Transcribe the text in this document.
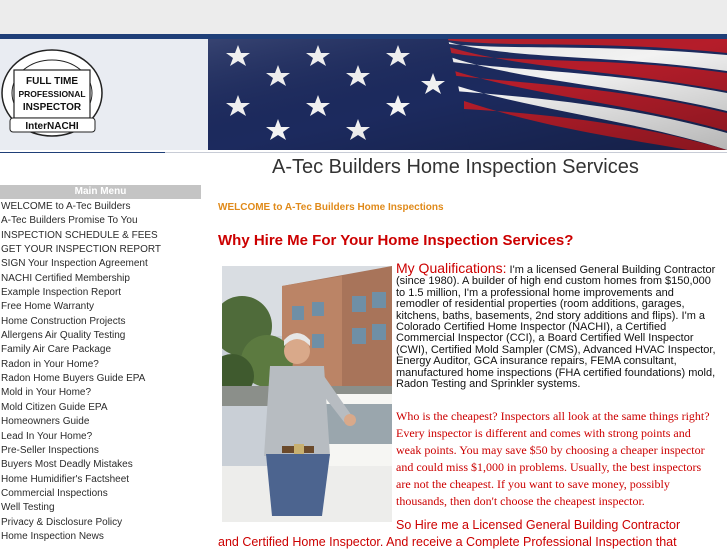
FULL TIME
PROFESSIONAL
INSPECTOR
InterNACHI
A-Tec Builders Home Inspection Services
Main Menu
WELCOME to A-Tec Builders
A-Tec Builders Promise To You
INSPECTION SCHEDULE & FEES
GET YOUR INSPECTION REPORT
SIGN Your Inspection Agreement
NACHI Certified Membership
Example Inspection Report
Free Home Warranty
Home Construction Projects
Allergens Air Quality Testing
Family Air Care Package
Radon in Your Home?
Radon Home Buyers Guide EPA
Mold in Your Home?
Mold Citizen Guide EPA
Homeowners Guide
Lead In Your Home?
Pre-Seller Inspections
Buyers Most Deadly Mistakes
Home Humidifier's Factsheet
Commercial Inspections
Well Testing
Privacy & Disclosure Policy
Home Inspection News
WELCOME to A-Tec Builders Home Inspections
Why Hire Me For Your Home Inspection Services?
My Qualifications: I'm a licensed General Building Contractor (since 1980). A builder of high end custom homes from $150,000 to 1.5 million, I'm a professional home improvements and remodler of residential properties (room additions, garages, kitchens, baths, basements, 2nd story additions and flips). I'm a Colorado Certified Home Inspector (NACHI), a Certified Commercial Inspector (CCI), a Board Certified Well Inspector (CWI), Certified Mold Sampler (CMS), Advanced HVAC Inspector, Energy Auditor, GCA insurance repairs, FEMA consultant, manufactured home inspections (FHA certified foundations) mold, Radon Testing and Sprinkler systems.
Who is the cheapest? Inspectors all look at the same things right? Every inspector is different and comes with strong points and weak points. You may save $50 by choosing a cheaper inspector and could miss $1,000 in problems. Usually, the best inspectors are not the cheapest. If you want to save money, possibly thousands, then don't choose the cheapest inspector.
So Hire me a Licensed General Building Contractor
and Certified Home Inspector. And receive a Complete Professional Inspection that
